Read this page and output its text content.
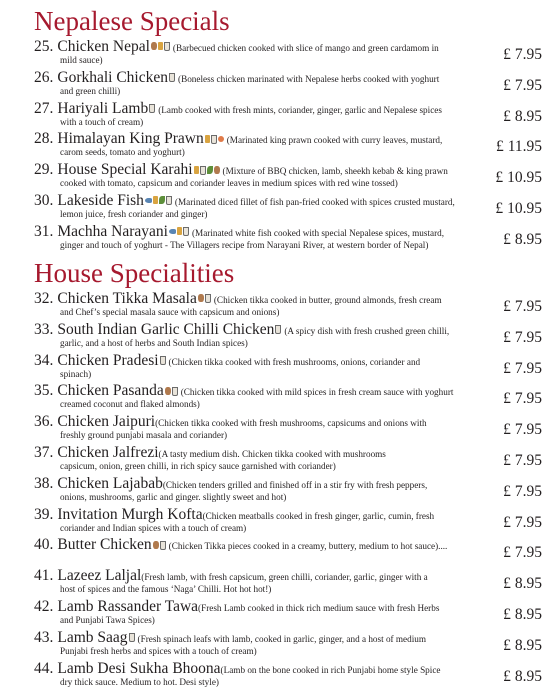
Nepalese Specials
25. Chicken Nepal	(Barbecued chicken cooked with slice of mango and green cardamom in
mild sauce)	£ 7.95
26. Gorkhali Chicken (Boneless chicken marinated with Nepalese herbs cooked with yoghurt
and green chilli)	£ 7.95
27. Hariyali Lamb (Lamb cooked with fresh mints, coriander, ginger, garlic and Nepalese spices
with a touch of cream)	£ 8.95
28. Himalayan King Prawn	(Marinated king prawn cooked with curry leaves, mustard,
carom seeds, tomato and yoghurt)	£ 11.95
29. House Special Karahi	(Mixture of BBQ chicken, lamb, sheekh kebab & king prawn
cooked with tomato, capsicum and coriander leaves in medium spices with red wine tossed)	£ 10.95
30. Lakeside Fish	(Marinated diced fillet of fish pan-fried cooked with spices crusted mustard,
lemon juice, fresh coriander and ginger)	£ 10.95
31. Machha Narayani	(Marinated white fish cooked with special Nepalese spices, mustard,
ginger and touch of yoghurt - The Villagers recipe from Narayani River, at western border of Nepal)	£ 8.95
House Specialities
32. Chicken Tikka Masala (Chicken tikka cooked in butter, ground almonds, fresh cream
and Chef’s special masala sauce with capsicum and onions)	£ 7.95
33. South Indian Garlic Chilli Chicken (A spicy dish with fresh crushed green chilli,
garlic, and a host of herbs and South Indian spices)	£ 7.95
34. Chicken Pradesi (Chicken tikka cooked with fresh mushrooms, onions, coriander and
spinach)	£ 7.95
35. Chicken Pasanda (Chicken tikka cooked with mild spices in fresh cream sauce with yoghurt
creamed coconut and flaked almonds)	£ 7.95
36. Chicken Jaipuri(Chicken tikka cooked with fresh mushrooms, capsicums and onions with
freshly ground punjabi masala and coriander)	£ 7.95
37. Chicken Jalfrezi(A tasty medium dish. Chicken tikka cooked with mushrooms
capsicum, onion, green chilli, in rich spicy sauce garnished with coriander)	£ 7.95
38. Chicken Lajabab(Chicken tenders grilled and finished off in a stir fry with fresh peppers,
onions, mushrooms, garlic and ginger. slightly sweet and hot)	£ 7.95
39. Invitation Murgh Kofta(Chicken meatballs cooked in fresh ginger, garlic, cumin, fresh
coriander and Indian spices with a touch of cream)	£ 7.95
40. Butter Chicken (Chicken Tikka pieces cooked in a creamy, buttery, medium to hot sauce)....	£ 7.95
41. Lazeez Laljal(Fresh lamb, with fresh capsicum, green chilli, coriander, garlic, ginger with a
host of spices and the famous ‘Naga’ Chilli. Hot hot hot!)	£ 8.95
42. Lamb Rassander Tawa(Fresh Lamb cooked in thick rich medium sauce with fresh Herbs
and Punjabi Tawa Spices)	£ 8.95
43. Lamb Saag (Fresh spinach leafs with lamb, cooked in garlic, ginger, and a host of medium
Punjabi fresh herbs and spices with a touch of cream)	£ 8.95
44. Lamb Desi Sukha Bhoona(Lamb on the bone cooked in rich Punjabi home style Spice
dry thick sauce. Medium to hot. Desi style)	£ 8.95
